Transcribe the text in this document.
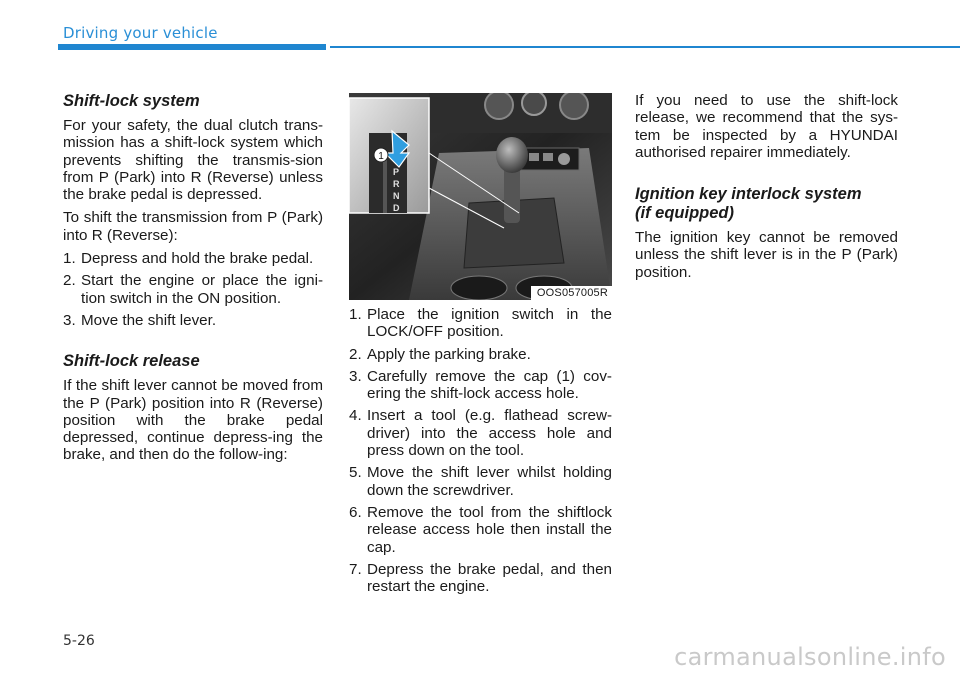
Driving your vehicle
Shift-lock system
For your safety, the dual clutch trans-mission has a shift-lock system which prevents shifting the transmis-sion from P (Park) into R (Reverse) unless the brake pedal is depressed.
To shift the transmission from P (Park) into R (Reverse):
1. Depress and hold the brake pedal.
2. Start the engine or place the igni-tion switch in the ON position.
3. Move the shift lever.
Shift-lock release
If the shift lever cannot be moved from the P (Park) position into R (Reverse) position with the brake pedal depressed, continue depress-ing the brake, and then do the follow-ing:
1
P
R
N
D
OOS057005R
1. Place the ignition switch in the LOCK/OFF position.
2. Apply the parking brake.
3. Carefully remove the cap (1) cov-ering the shift-lock access hole.
4. Insert a tool (e.g. flathead screw-driver) into the access hole and press down on the tool.
5. Move the shift lever whilst holding down the screwdriver.
6. Remove the tool from the shiftlock release access hole then install the cap.
7. Depress the brake pedal, and then restart the engine.
If you need to use the shift-lock release, we recommend that the sys-tem be inspected by a HYUNDAI authorised repairer immediately.
Ignition key interlock system
(if equipped)
The ignition key cannot be removed unless the shift lever is in the P (Park) position.
5-26
carmanualsonline.info
